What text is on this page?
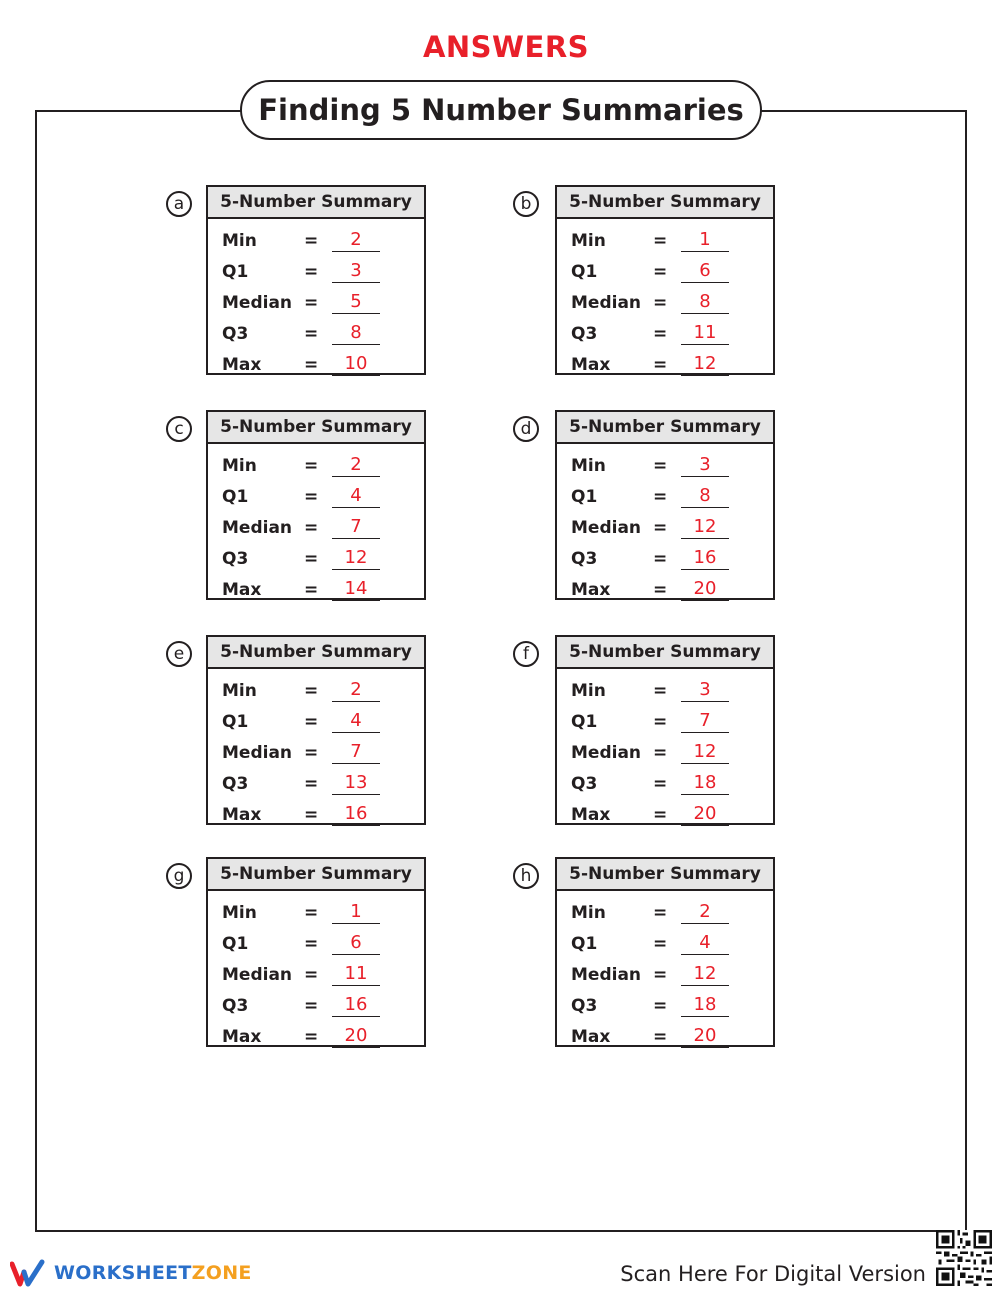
ANSWERS
Finding 5 Number Summaries
a	5-Number Summary
Min	=	2
Q1	=	3
Median =	5
Q3	=	8
Max	=	10
b	5-Number Summary
Min	=	1
Q1	=	6
Median =	8
Q3	=	11
Max	=	12
c	5-Number Summary
Min	=	2
Q1	=	4
Median =	7
Q3	=	12
Max	=	14
d	5-Number Summary
Min	=	3
Q1	=	8
Median =	12
Q3	=	16
Max	=	20
e	5-Number Summary
Min	=	2
Q1	=	4
Median =	7
Q3	=	13
Max	=	16
f	5-Number Summary
Min	=	3
Q1	=	7
Median =	12
Q3	=	18
Max	=	20
g	5-Number Summary
Min	=	1
Q1	=	6
Median =	11
Q3	=	16
Max	=	20
h	5-Number Summary
Min	=	2
Q1	=	4
Median =	12
Q3	=	18
Max	=	20
WORKSHEETZONE	Scan Here For Digital Version
